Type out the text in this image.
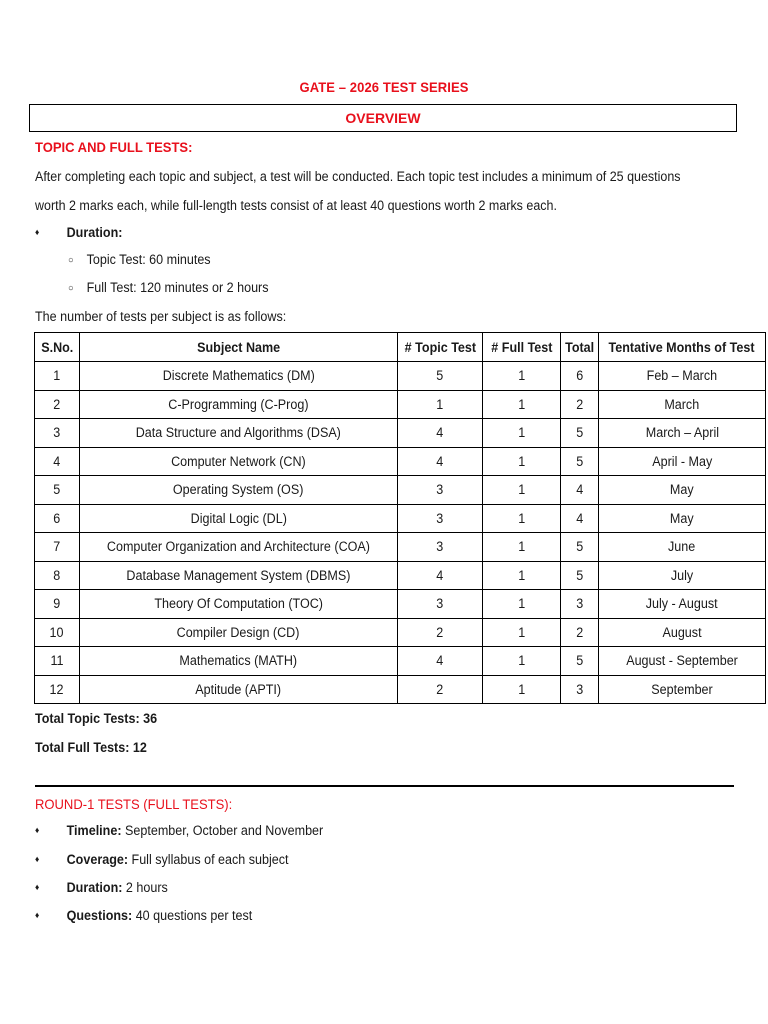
GATE – 2026 TEST SERIES
OVERVIEW
TOPIC AND FULL TESTS:
After completing each topic and subject, a test will be conducted. Each topic test includes a minimum of 25 questions
worth 2 marks each, while full-length tests consist of at least 40 questions worth 2 marks each.
♦ Duration:
○ Topic Test: 60 minutes
○ Full Test: 120 minutes or 2 hours
The number of tests per subject is as follows:
S.No.	Subject Name	# Topic Test	# Full Test	Total	Tentative Months of Test
1	Discrete Mathematics (DM)	5	1	6	Feb – March
2	C-Programming (C-Prog)	1	1	2	March
3	Data Structure and Algorithms (DSA)	4	1	5	March – April
4	Computer Network (CN)	4	1	5	April - May
5	Operating System (OS)	3	1	4	May
6	Digital Logic (DL)	3	1	4	May
7	Computer Organization and Architecture (COA)	3	1	5	June
8	Database Management System (DBMS)	4	1	5	July
9	Theory Of Computation (TOC)	3	1	3	July - August
10	Compiler Design (CD)	2	1	2	August
11	Mathematics (MATH)	4	1	5	August - September
12	Aptitude (APTI)	2	1	3	September
Total Topic Tests: 36
Total Full Tests: 12
ROUND-1 TESTS (FULL TESTS):
♦ Timeline: September, October and November
♦ Coverage: Full syllabus of each subject
♦ Duration: 2 hours
♦ Questions: 40 questions per test
